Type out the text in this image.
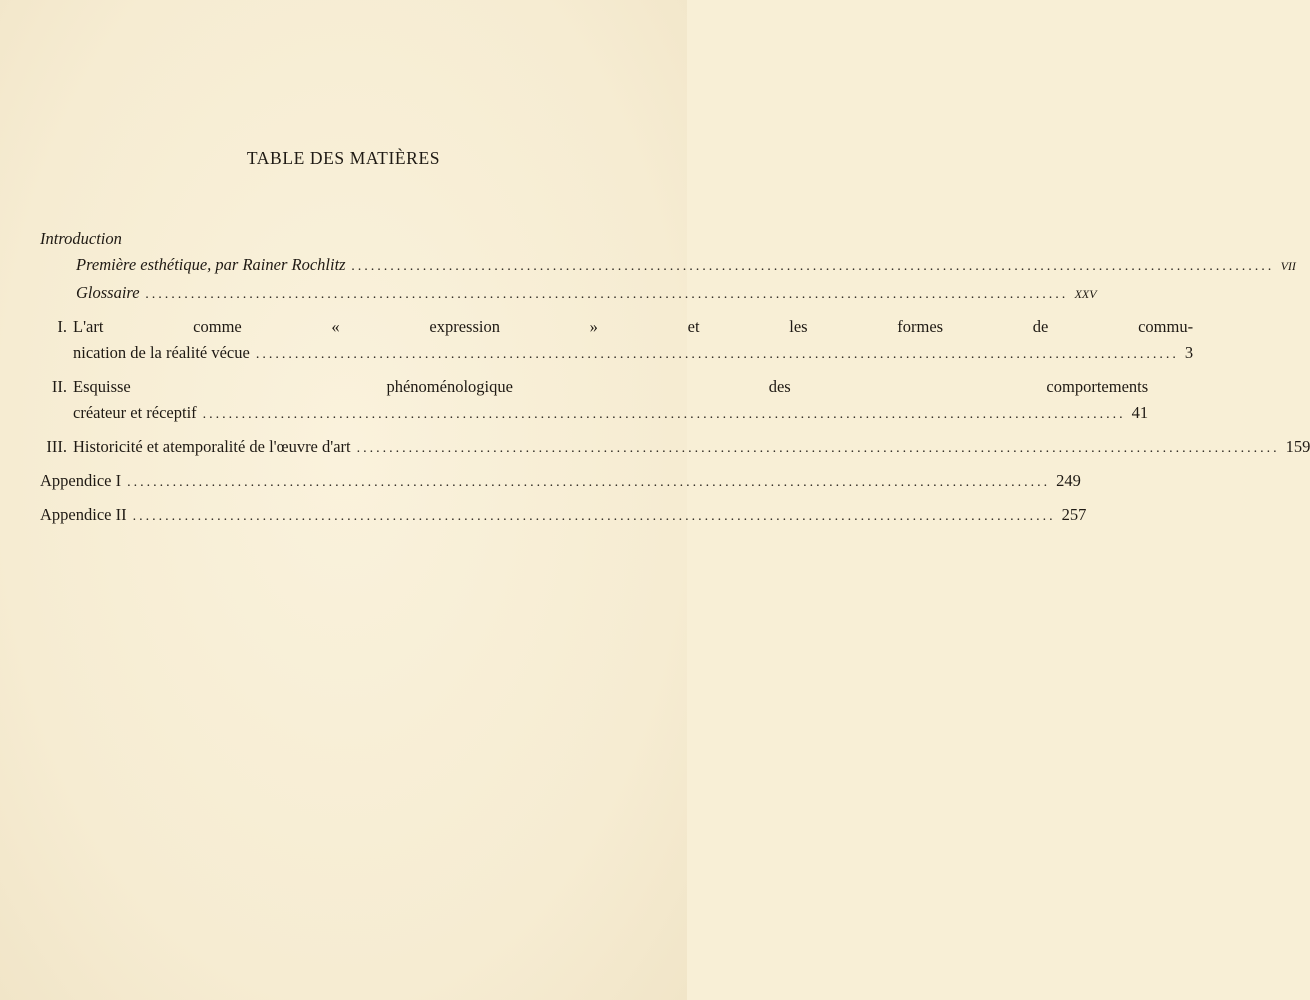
TABLE DES MATIÈRES
Introduction
Première esthétique, par Rainer Rochlitz .............................................................................................................................................. vii
Glossaire .............................................................................................................................................. xxv
I. L'art comme « expression » et les formes de commu-
nication de la réalité vécue .............................................................................................................................................. 3
II. Esquisse phénoménologique des comportements
créateur et réceptif .............................................................................................................................................. 41
III. Historicité et atemporalité de l'œuvre d'art .............................................................................................................................................. 159
Appendice I .............................................................................................................................................. 249
Appendice II .............................................................................................................................................. 257
